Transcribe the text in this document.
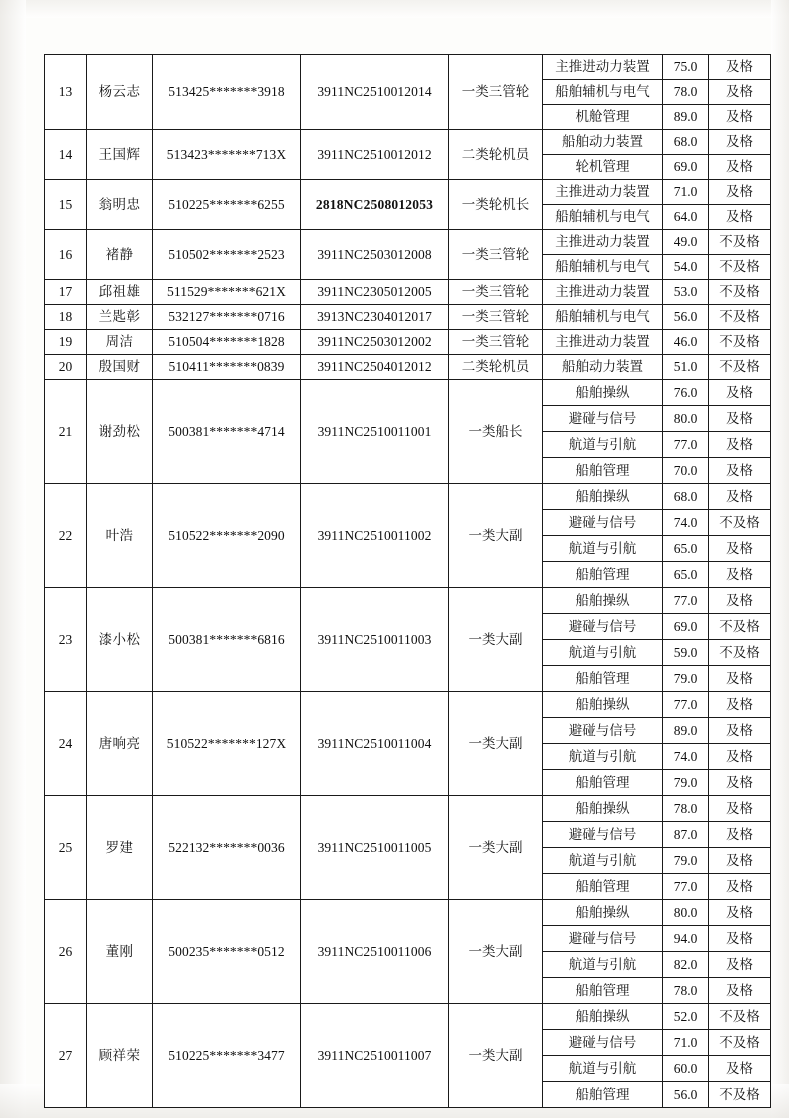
13	杨云志	513425*******3918	3911NC2510012014	一类三管轮	主推进动力装置	75.0	及格
					船舶辅机与电气	78.0	及格
					机舱管理	89.0	及格
14	王国辉	513423*******713X	3911NC2510012012	二类轮机员	船舶动力装置	68.0	及格
					轮机管理	69.0	及格
15	翁明忠	510225*******6255	2818NC2508012053	一类轮机长	主推进动力装置	71.0	及格
					船舶辅机与电气	64.0	及格
16	褚静	510502*******2523	3911NC2503012008	一类三管轮	主推进动力装置	49.0	不及格
					船舶辅机与电气	54.0	不及格
17	邱祖雄	511529*******621X	3911NC2305012005	一类三管轮	主推进动力装置	53.0	不及格
18	兰匙彰	532127*******0716	3913NC2304012017	一类三管轮	船舶辅机与电气	56.0	不及格
19	周洁	510504*******1828	3911NC2503012002	一类三管轮	主推进动力装置	46.0	不及格
20	殷国财	510411*******0839	3911NC2504012012	二类轮机员	船舶动力装置	51.0	不及格
21	谢劲松	500381*******4714	3911NC2510011001	一类船长	船舶操纵	76.0	及格
					避碰与信号	80.0	及格
					航道与引航	77.0	及格
					船舶管理	70.0	及格
22	叶浩	510522*******2090	3911NC2510011002	一类大副	船舶操纵	68.0	及格
					避碰与信号	74.0	不及格
					航道与引航	65.0	及格
					船舶管理	65.0	及格
23	漆小松	500381*******6816	3911NC2510011003	一类大副	船舶操纵	77.0	及格
					避碰与信号	69.0	不及格
					航道与引航	59.0	不及格
					船舶管理	79.0	及格
24	唐响亮	510522*******127X	3911NC2510011004	一类大副	船舶操纵	77.0	及格
					避碰与信号	89.0	及格
					航道与引航	74.0	及格
					船舶管理	79.0	及格
25	罗建	522132*******0036	3911NC2510011005	一类大副	船舶操纵	78.0	及格
					避碰与信号	87.0	及格
					航道与引航	79.0	及格
					船舶管理	77.0	及格
26	董刚	500235*******0512	3911NC2510011006	一类大副	船舶操纵	80.0	及格
					避碰与信号	94.0	及格
					航道与引航	82.0	及格
					船舶管理	78.0	及格
27	顾祥荣	510225*******3477	3911NC2510011007	一类大副	船舶操纵	52.0	不及格
					避碰与信号	71.0	不及格
					航道与引航	60.0	及格
					船舶管理	56.0	不及格
